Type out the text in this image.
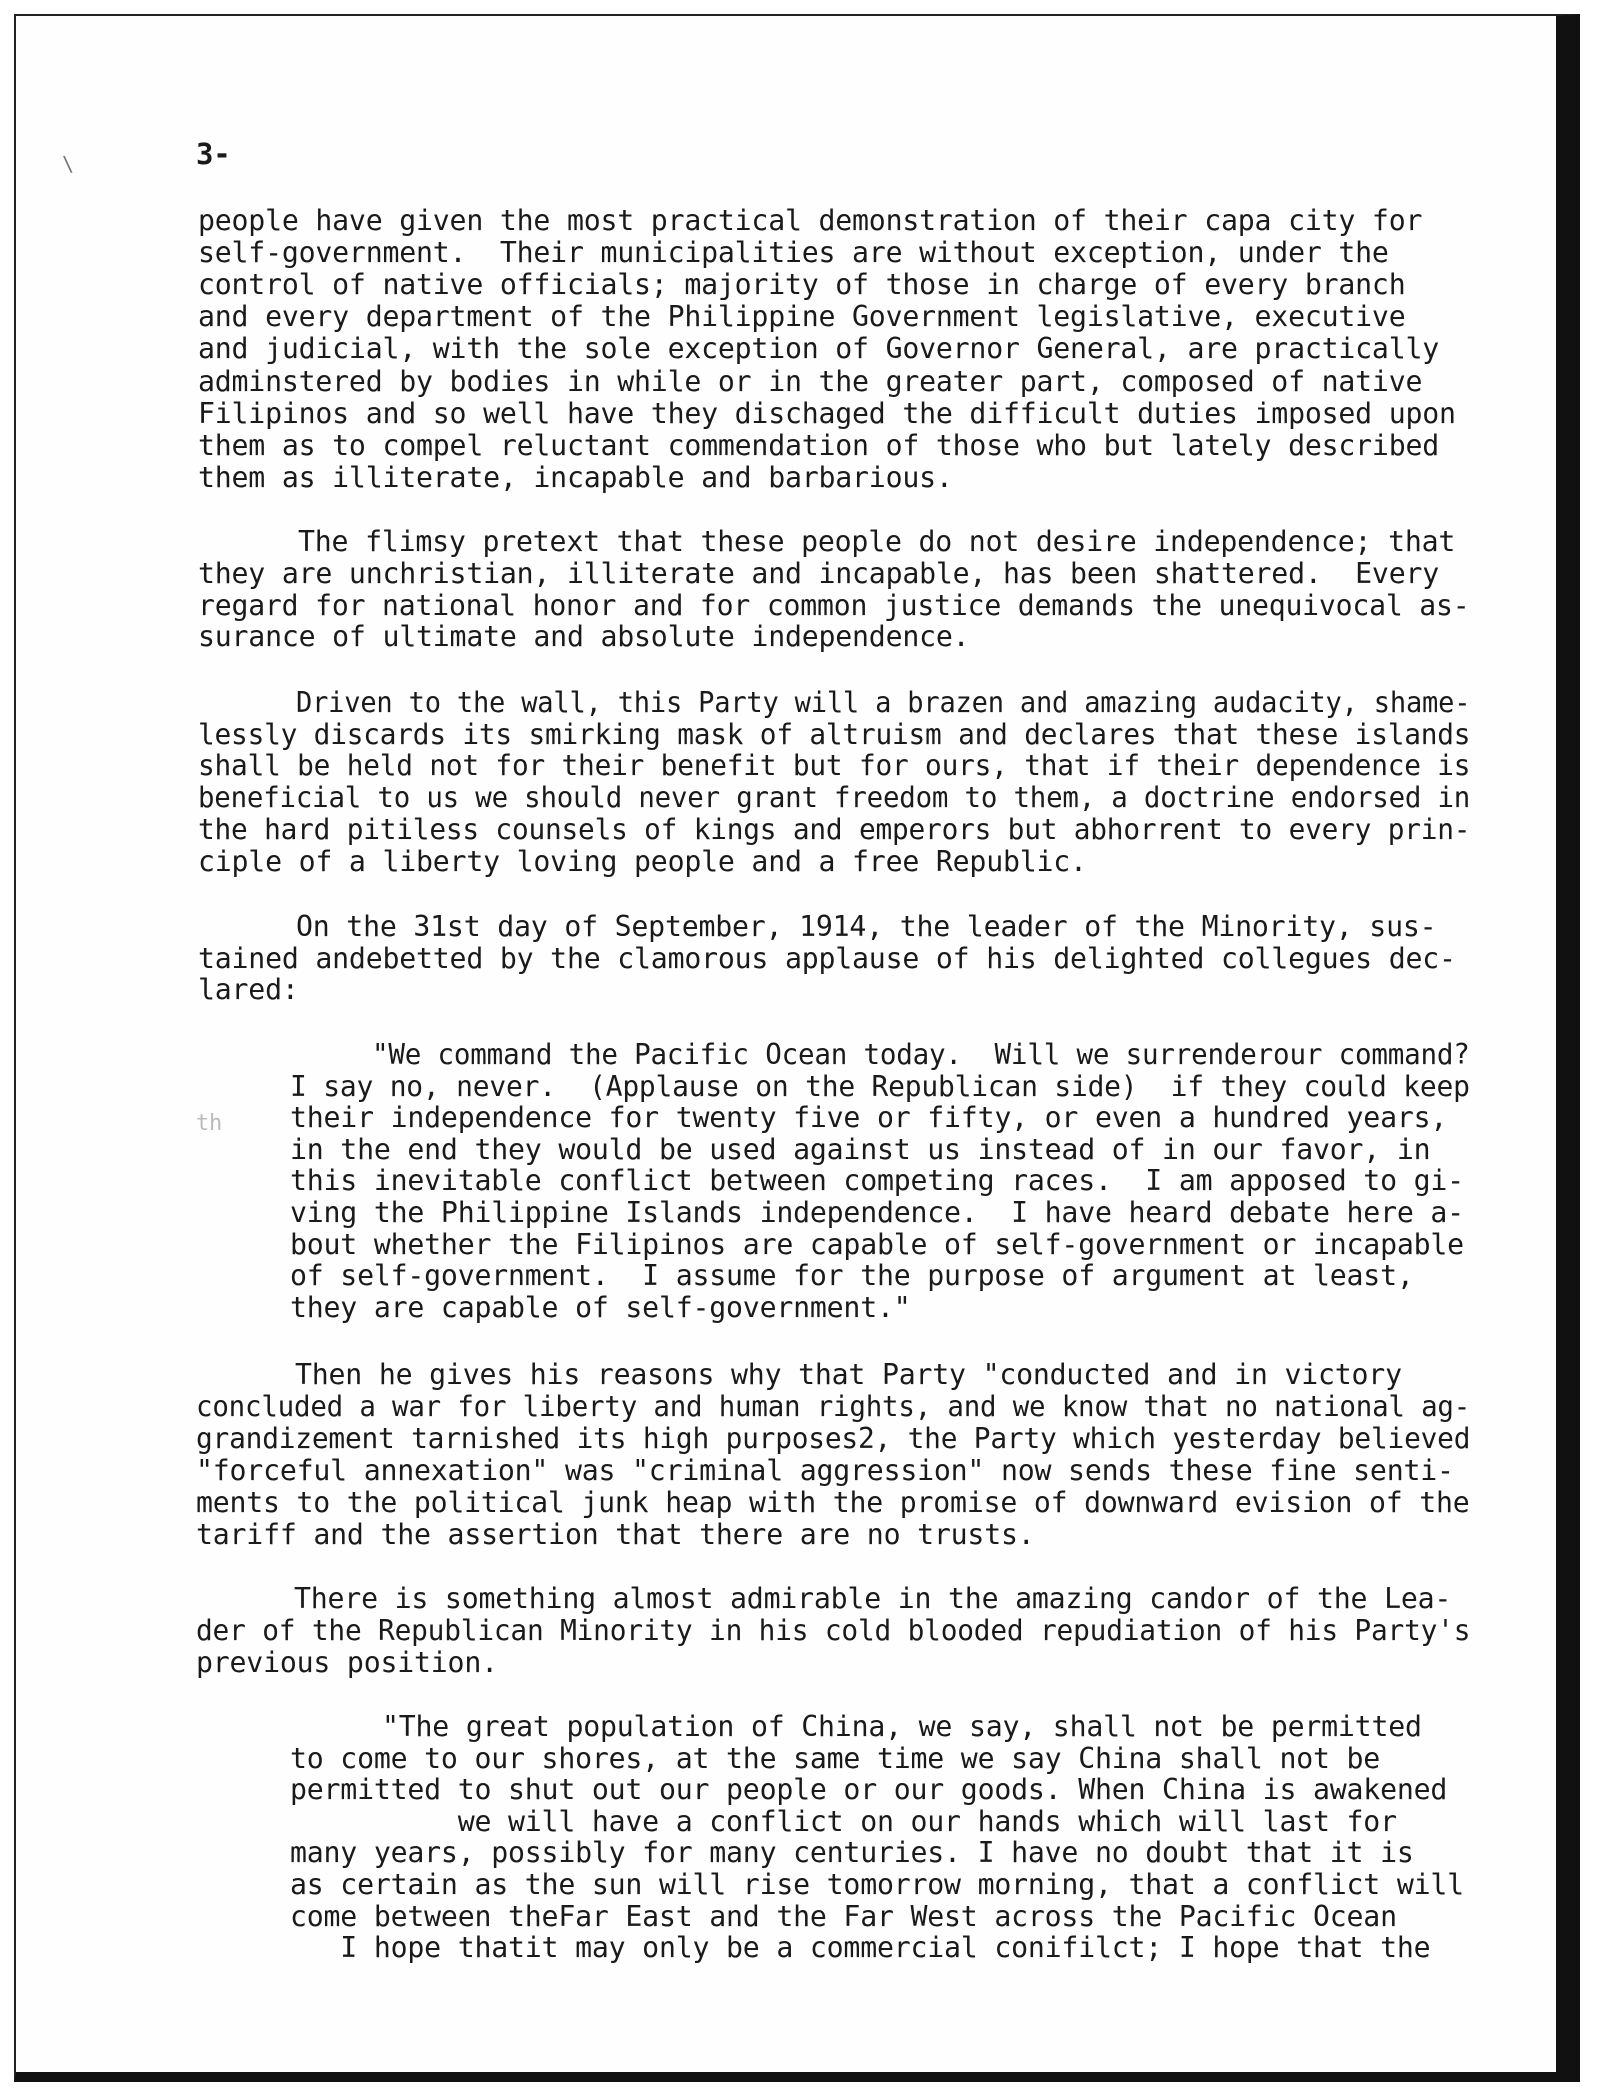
3-

\
th

people have given the most practical demonstration of their capa city for

self-government.  Their municipalities are without exception, under the

control of native officials; majority of those in charge of every branch

and every department of the Philippine Government legislative, executive

and judicial, with the sole exception of Governor General, are practically

adminstered by bodies in while or in the greater part, composed of native

Filipinos and so well have they dischaged the difficult duties imposed upon

them as to compel reluctant commendation of those who but lately described

them as illiterate, incapable and barbarious.

The flimsy pretext that these people do not desire independence; that

they are unchristian, illiterate and incapable, has been shattered.  Every

regard for national honor and for common justice demands the unequivocal as-

surance of ultimate and absolute independence.

Driven to the wall, this Party will a brazen and amazing audacity, shame-

lessly discards its smirking mask of altruism and declares that these islands

shall be held not for their benefit but for ours, that if their dependence is

beneficial to us we should never grant freedom to them, a doctrine endorsed in

the hard pitiless counsels of kings and emperors but abhorrent to every prin-

ciple of a liberty loving people and a free Republic.

On the 31st day of September, 1914, the leader of the Minority, sus-

tained andebetted by the clamorous applause of his delighted collegues dec-

lared:

"We command the Pacific Ocean today.  Will we surrenderour command?

I say no, never.  (Applause on the Republican side)  if they could keep

their independence for twenty five or fifty, or even a hundred years,

in the end they would be used against us instead of in our favor, in

this inevitable conflict between competing races.  I am apposed to gi-

ving the Philippine Islands independence.  I have heard debate here a-

bout whether the Filipinos are capable of self-government or incapable

of self-government.  I assume for the purpose of argument at least,

they are capable of self-government."

Then he gives his reasons why that Party "conducted and in victory

concluded a war for liberty and human rights, and we know that no national ag-

grandizement tarnished its high purposes2, the Party which yesterday believed

"forceful annexation" was "criminal aggression" now sends these fine senti-

ments to the political junk heap with the promise of downward evision of the

tariff and the assertion that there are no trusts.

There is something almost admirable in the amazing candor of the Lea-

der of the Republican Minority in his cold blooded repudiation of his Party's

previous position.

"The great population of China, we say, shall not be permitted

to come to our shores, at the same time we say China shall not be

permitted to shut out our people or our goods. When China is awakened

we will have a conflict on our hands which will last for

many years, possibly for many centuries. I have no doubt that it is

as certain as the sun will rise tomorrow morning, that a conflict will

come between theFar East and the Far West across the Pacific Ocean

I hope thatit may only be a commercial conifilct; I hope that the
